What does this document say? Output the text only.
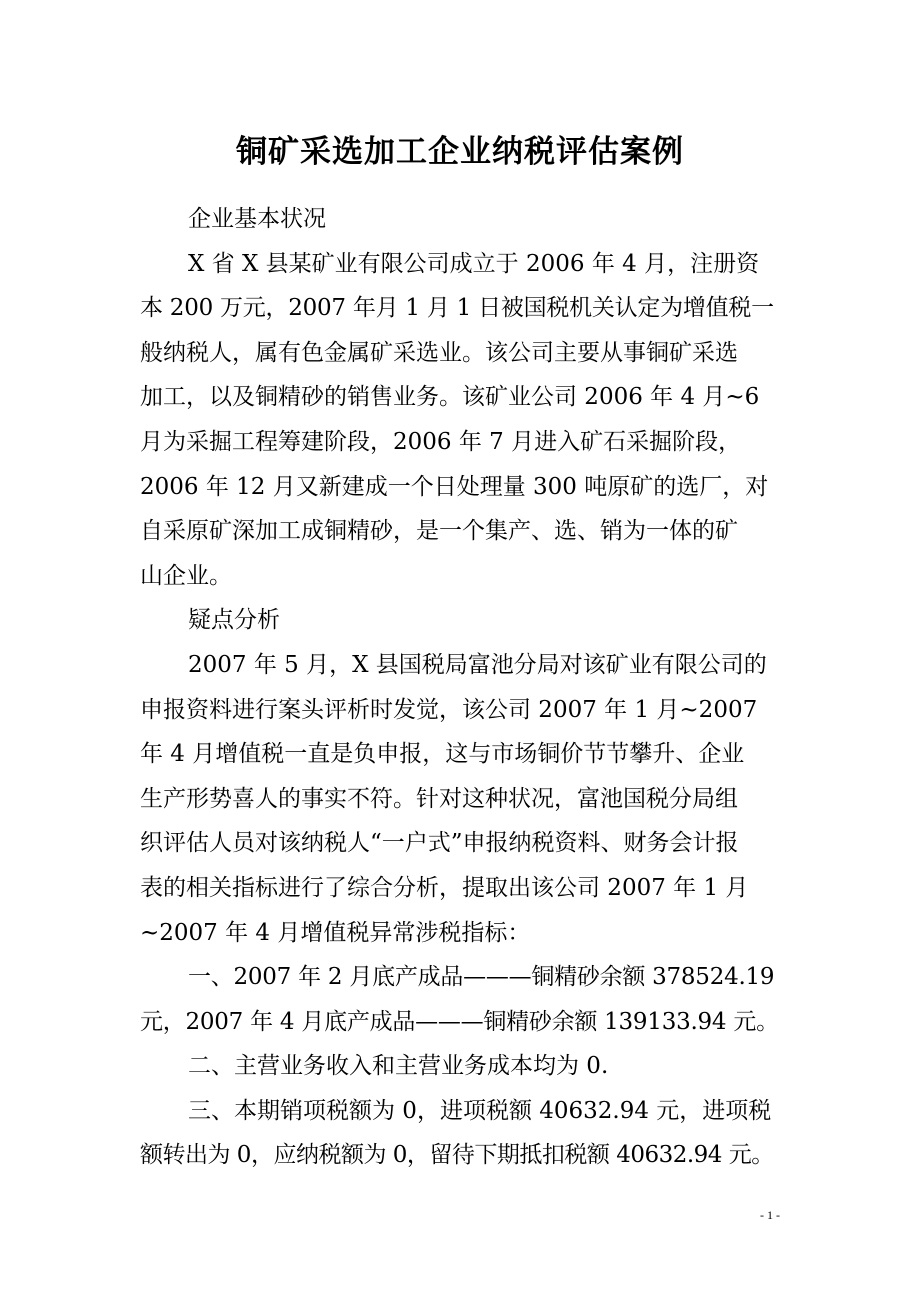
铜矿采选加工企业纳税评估案例
企业基本状况
X 省 X 县某矿业有限公司成立于 2006 年 4 月，注册资
本 200 万元，2007 年月 1 月 1 日被国税机关认定为增值税一
般纳税人，属有色金属矿采选业。该公司主要从事铜矿采选
加工，以及铜精砂的销售业务。该矿业公司 2006 年 4 月~6
月为采掘工程筹建阶段，2006 年 7 月进入矿石采掘阶段，
2006 年 12 月又新建成一个日处理量 300 吨原矿的选厂，对
自采原矿深加工成铜精砂，是一个集产、选、销为一体的矿
山企业。
疑点分析
2007 年 5 月，X 县国税局富池分局对该矿业有限公司的
申报资料进行案头评析时发觉，该公司 2007 年 1 月~2007
年 4 月增值税一直是负申报，这与市场铜价节节攀升、企业
生产形势喜人的事实不符。针对这种状况，富池国税分局组
织评估人员对该纳税人“一户式”申报纳税资料、财务会计报
表的相关指标进行了综合分析，提取出该公司 2007 年 1 月
~2007 年 4 月增值税异常涉税指标：
一、2007 年 2 月底产成品———铜精砂余额 378524.19
元，2007 年 4 月底产成品———铜精砂余额 139133.94 元。
二、主营业务收入和主营业务成本均为 0.
三、本期销项税额为 0，进项税额 40632.94 元，进项税
额转出为 0，应纳税额为 0，留待下期抵扣税额 40632.94 元。
- 1 -
